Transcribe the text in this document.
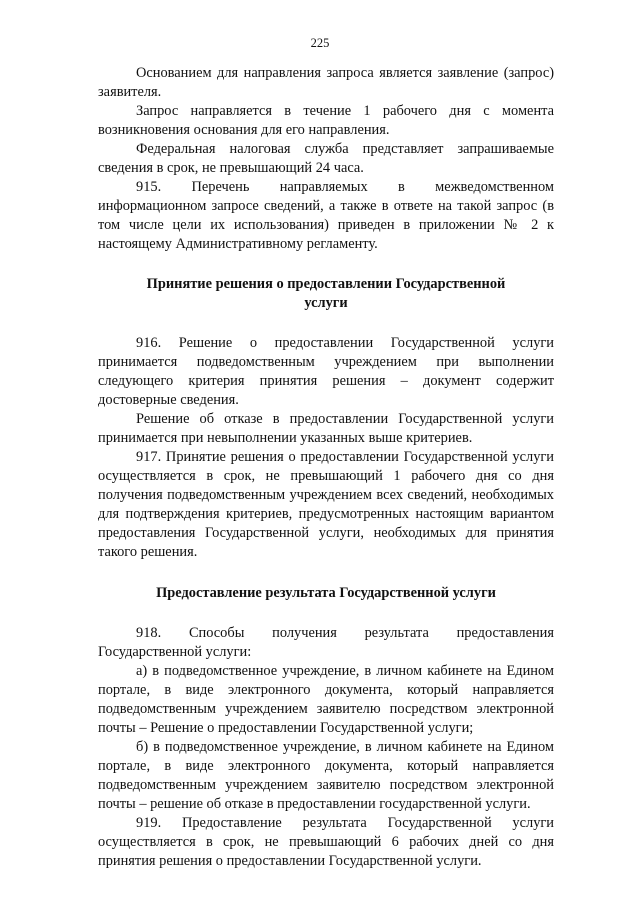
225

Основанием для направления запроса является заявление (запрос) заявителя.

Запрос направляется в течение 1 рабочего дня с момента возникновения основания для его направления.

Федеральная налоговая служба представляет запрашиваемые сведения в срок, не превышающий 24 часа.

915. Перечень направляемых в межведомственном информационном запросе сведений, а также в ответе на такой запрос (в том числе цели их использования) приведен в приложении № 2 к настоящему Административному регламенту.

Принятие решения о предоставлении Государственной

услуги

916. Решение о предоставлении Государственной услуги принимается подведомственным учреждением при выполнении следующего критерия принятия решения – документ содержит достоверные сведения.

Решение об отказе в предоставлении Государственной услуги принимается при невыполнении указанных выше критериев.

917. Принятие решения о предоставлении Государственной услуги осуществляется в срок, не превышающий 1 рабочего дня со дня получения подведомственным учреждением всех сведений, необходимых для подтверждения критериев, предусмотренных настоящим вариантом предоставления Государственной услуги, необходимых для принятия такого решения.

Предоставление результата Государственной услуги

918. Способы получения результата предоставления Государственной услуги:

а) в подведомственное учреждение, в личном кабинете на Едином портале, в виде электронного документа, который направляется подведомственным учреждением заявителю посредством электронной почты – Решение о предоставлении Государственной услуги;

б) в подведомственное учреждение, в личном кабинете на Едином портале, в виде электронного документа, который направляется подведомственным учреждением заявителю посредством электронной почты – решение об отказе в предоставлении государственной услуги.

919. Предоставление результата Государственной услуги осуществляется в срок, не превышающий 6 рабочих дней со дня принятия решения о предоставлении Государственной услуги.
